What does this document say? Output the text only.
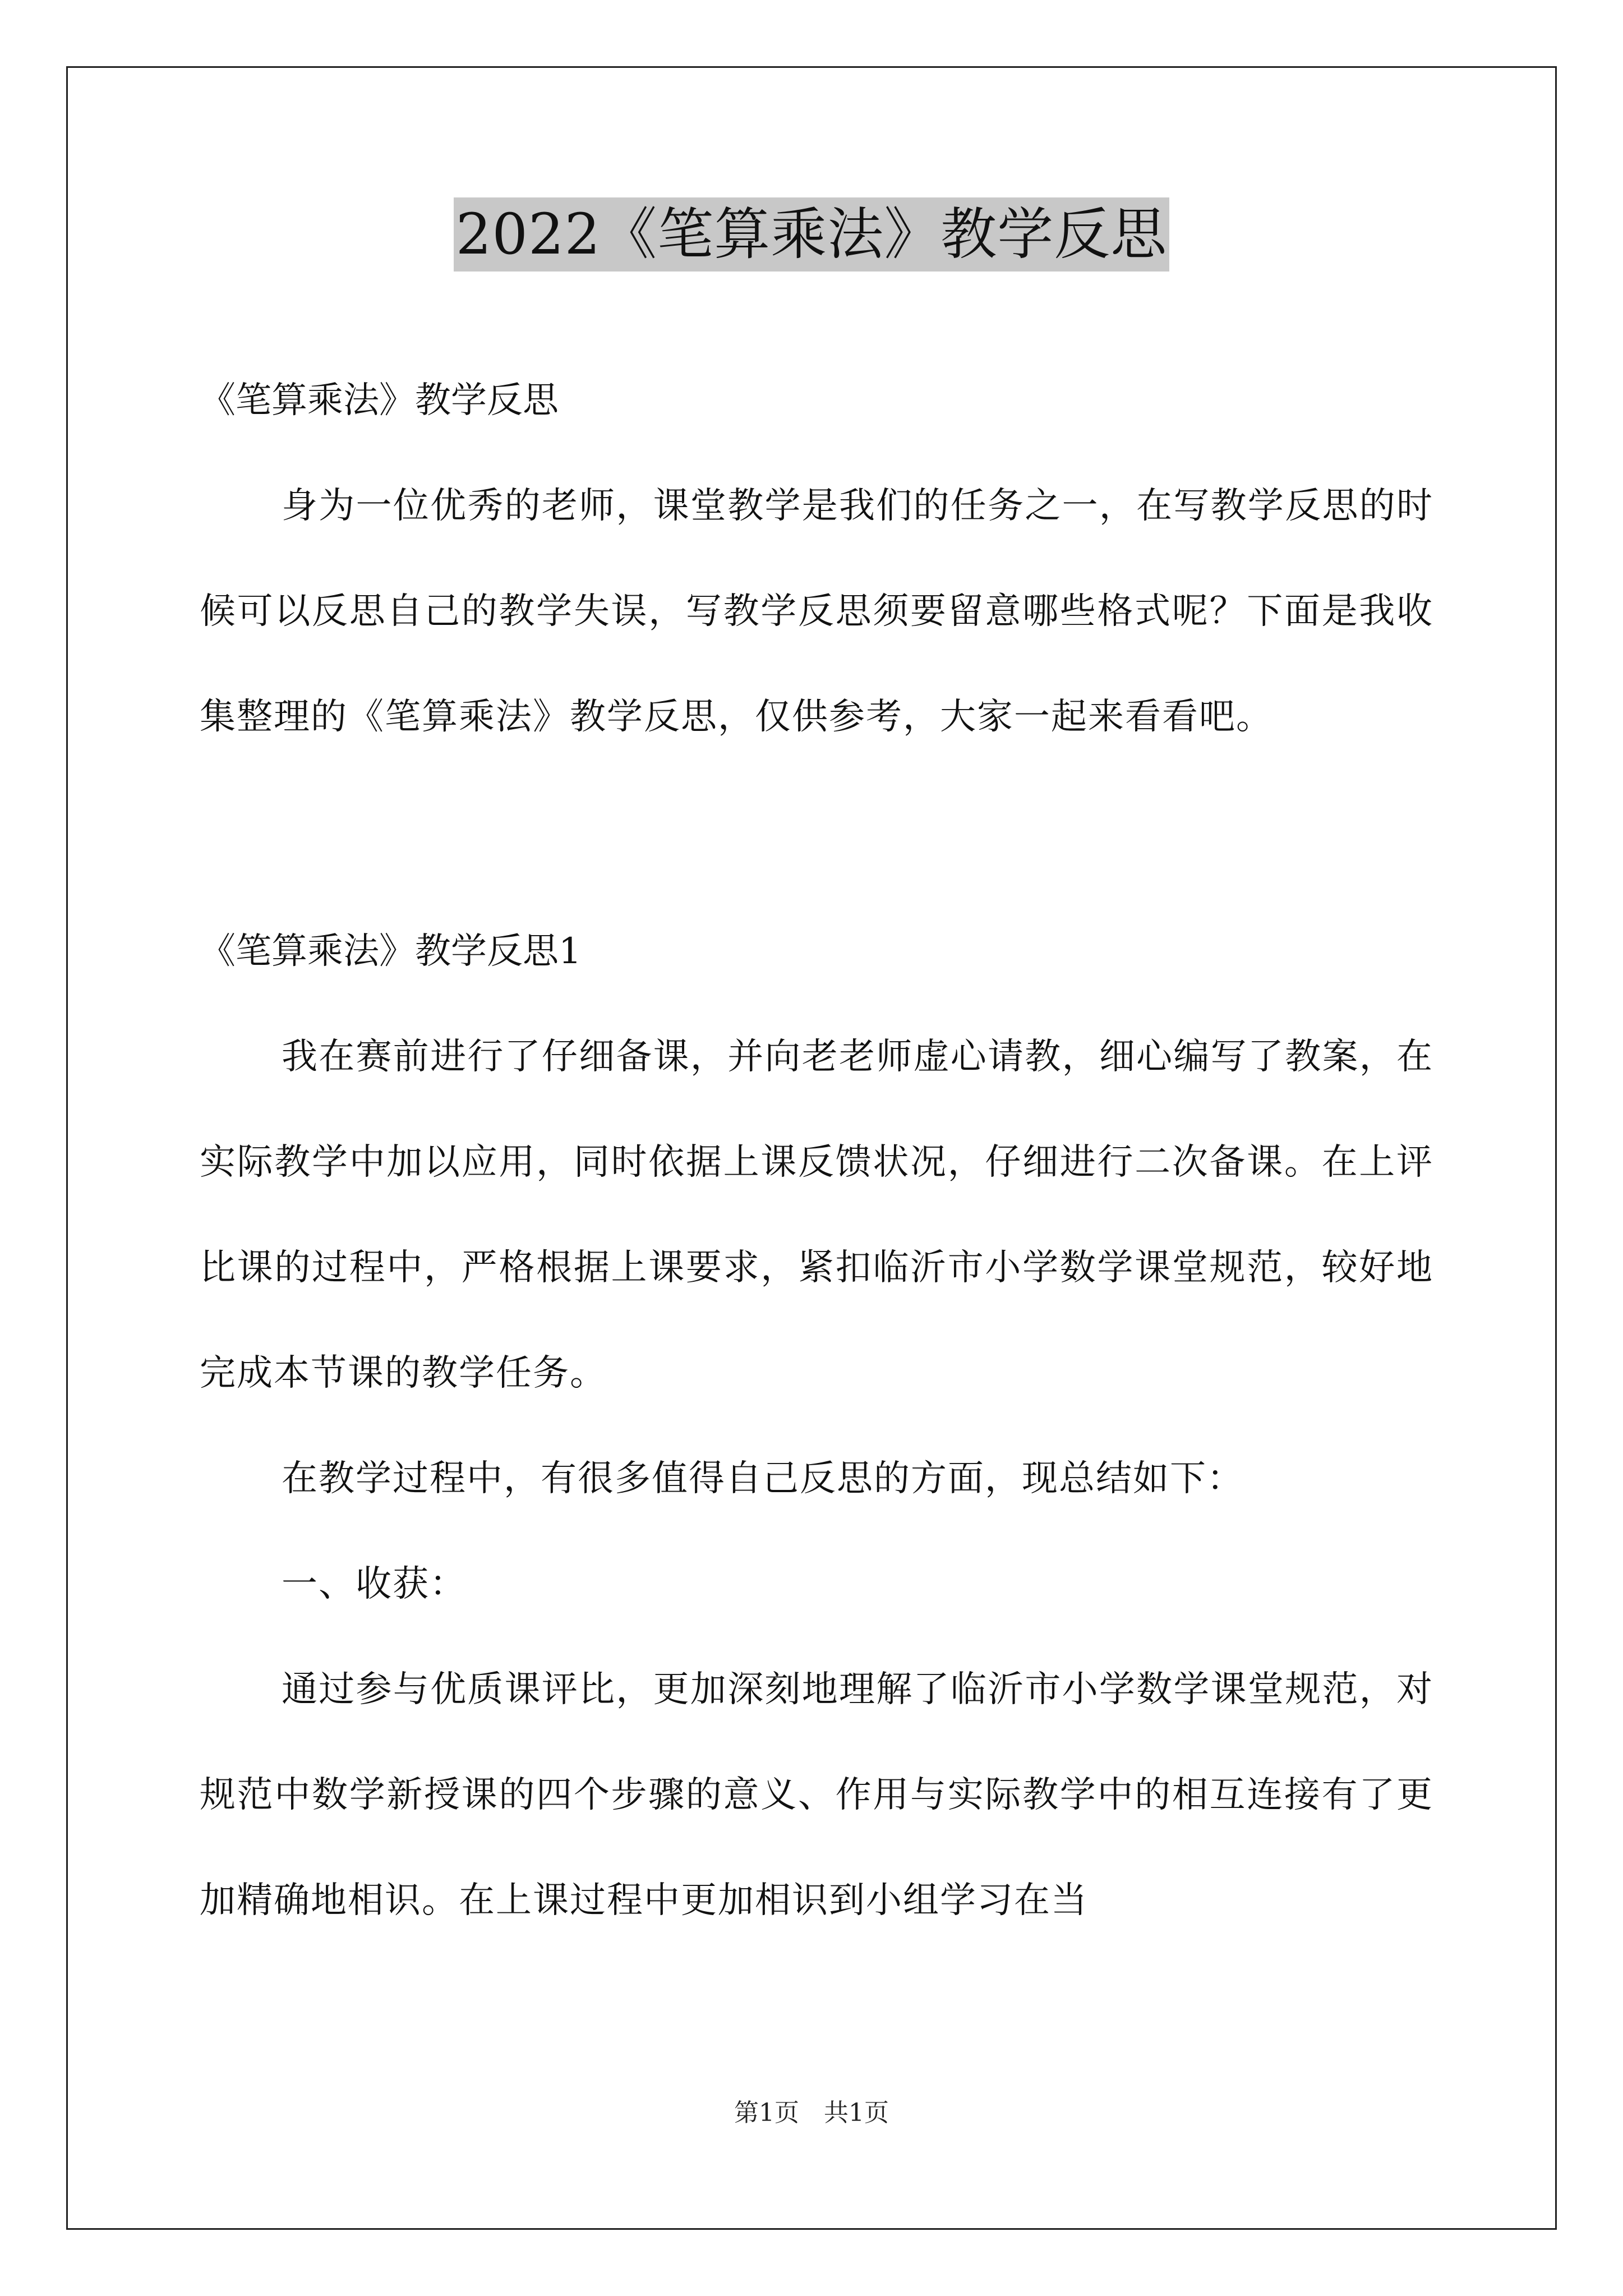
2022《笔算乘法》教学反思

《笔算乘法》教学反思

身为一位优秀的老师，课堂教学是我们的任务之一，在写教学反思的时候可以反思自己的教学失误，写教学反思须要留意哪些格式呢？下面是我收集整理的《笔算乘法》教学反思，仅供参考，大家一起来看看吧。

《笔算乘法》教学反思1

我在赛前进行了仔细备课，并向老老师虚心请教，细心编写了教案，在实际教学中加以应用，同时依据上课反馈状况，仔细进行二次备课。在上评比课的过程中，严格根据上课要求，紧扣临沂市小学数学课堂规范，较好地完成本节课的教学任务。

在教学过程中，有很多值得自己反思的方面，现总结如下：

一、收获：

通过参与优质课评比，更加深刻地理解了临沂市小学数学课堂规范，对规范中数学新授课的四个步骤的意义、作用与实际教学中的相互连接有了更加精确地相识。在上课过程中更加相识到小组学习在当

第1页　共1页
